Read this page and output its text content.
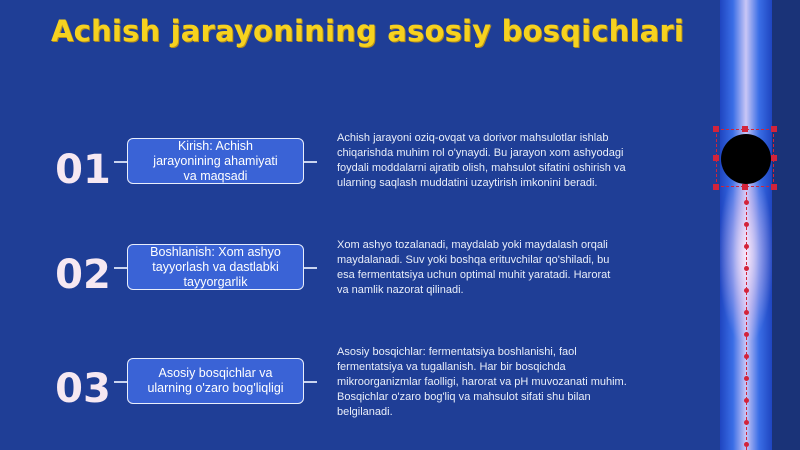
Achish jarayonining asosiy bosqichlari
01
Kirish: Achish
jarayonining ahamiyati
va maqsadi
Achish jarayoni oziq-ovqat va dorivor mahsulotlar ishlab
chiqarishda muhim rol o'ynaydi. Bu jarayon xom ashyodagi
foydali moddalarni ajratib olish, mahsulot sifatini oshirish va
ularning saqlash muddatini uzaytirish imkonini beradi.
02
Boshlanish: Xom ashyo
tayyorlash va dastlabki
tayyorgarlik
Xom ashyo tozalanadi, maydalab yoki maydalash orqali
maydalanadi. Suv yoki boshqa erituvchilar qo'shiladi, bu
esa fermentatsiya uchun optimal muhit yaratadi. Harorat
va namlik nazorat qilinadi.
03	Asosiy bosqichlar va
ularning o'zaro bog'liqligi
Asosiy bosqichlar: fermentatsiya boshlanishi, faol
fermentatsiya va tugallanish. Har bir bosqichda
mikroorganizmlar faolligi, harorat va pH muvozanati muhim.
Bosqichlar o'zaro bog'liq va mahsulot sifati shu bilan
belgilanadi.
